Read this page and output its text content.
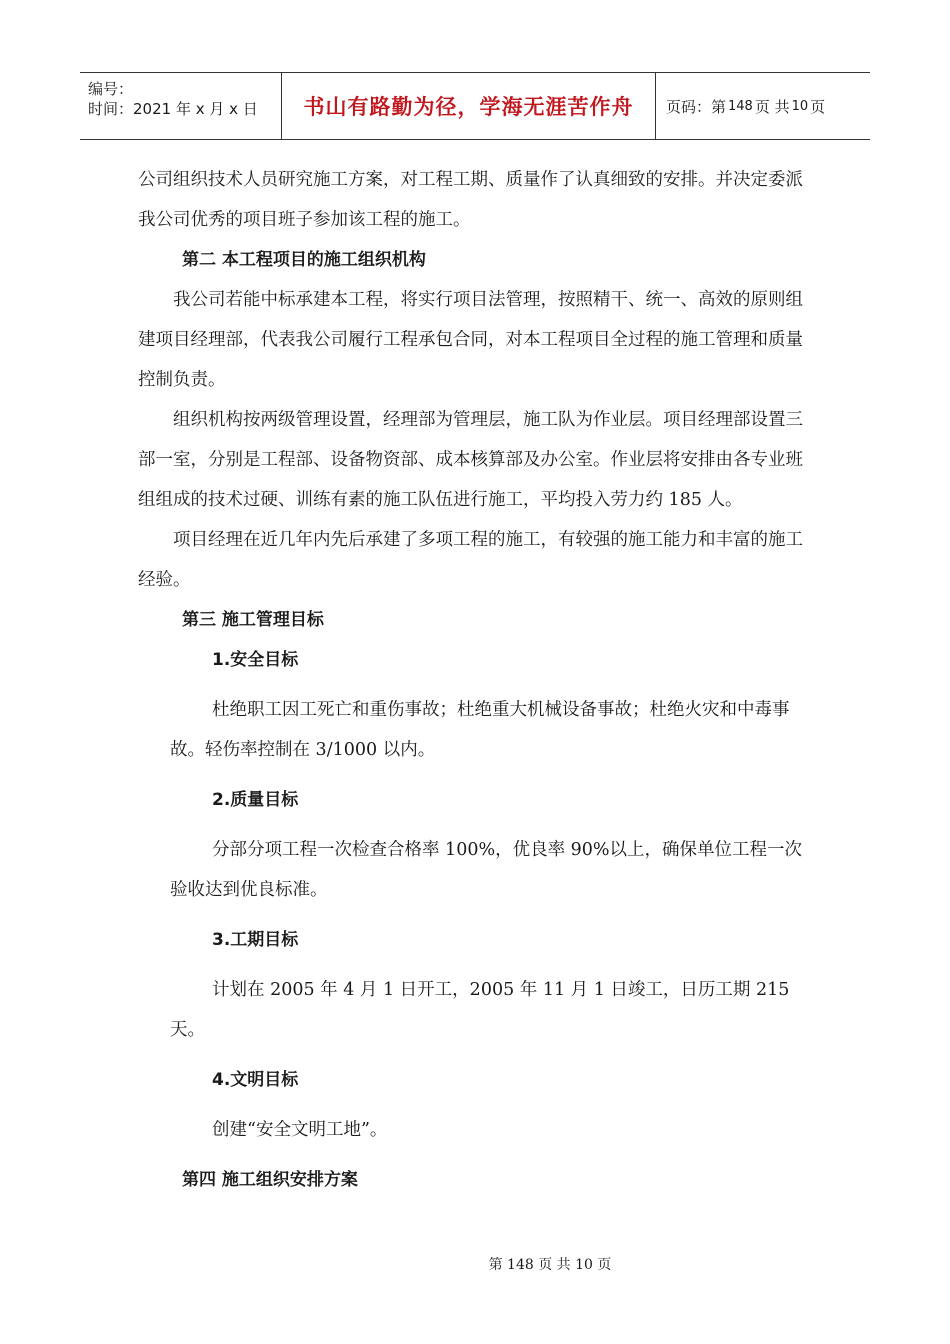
编号：
时间：2021 年 x 月 x 日	书山有路勤为径，学海无涯苦作舟	页码：第 148 页 共 10 页

公司组织技术人员研究施工方案，对工程工期、质量作了认真细致的安排。并决定委派我公司优秀的项目班子参加该工程的施工。

第二 本工程项目的施工组织机构

我公司若能中标承建本工程，将实行项目法管理，按照精干、统一、高效的原则组建项目经理部，代表我公司履行工程承包合同，对本工程项目全过程的施工管理和质量控制负责。

组织机构按两级管理设置，经理部为管理层，施工队为作业层。项目经理部设置三部一室，分别是工程部、设备物资部、成本核算部及办公室。作业层将安排由各专业班组组成的技术过硬、训练有素的施工队伍进行施工，平均投入劳力约 185 人。

项目经理在近几年内先后承建了多项工程的施工，有较强的施工能力和丰富的施工经验。

第三 施工管理目标

1.安全目标

杜绝职工因工死亡和重伤事故；杜绝重大机械设备事故；杜绝火灾和中毒事故。轻伤率控制在 3/1000 以内。

2.质量目标

分部分项工程一次检查合格率 100%，优良率 90%以上，确保单位工程一次验收达到优良标准。

3.工期目标

计划在 2005 年 4 月 1 日开工，2005 年 11 月 1 日竣工，日历工期 215 天。

4.文明目标

创建“安全文明工地”。

第四 施工组织安排方案

第 148 页 共 10 页
